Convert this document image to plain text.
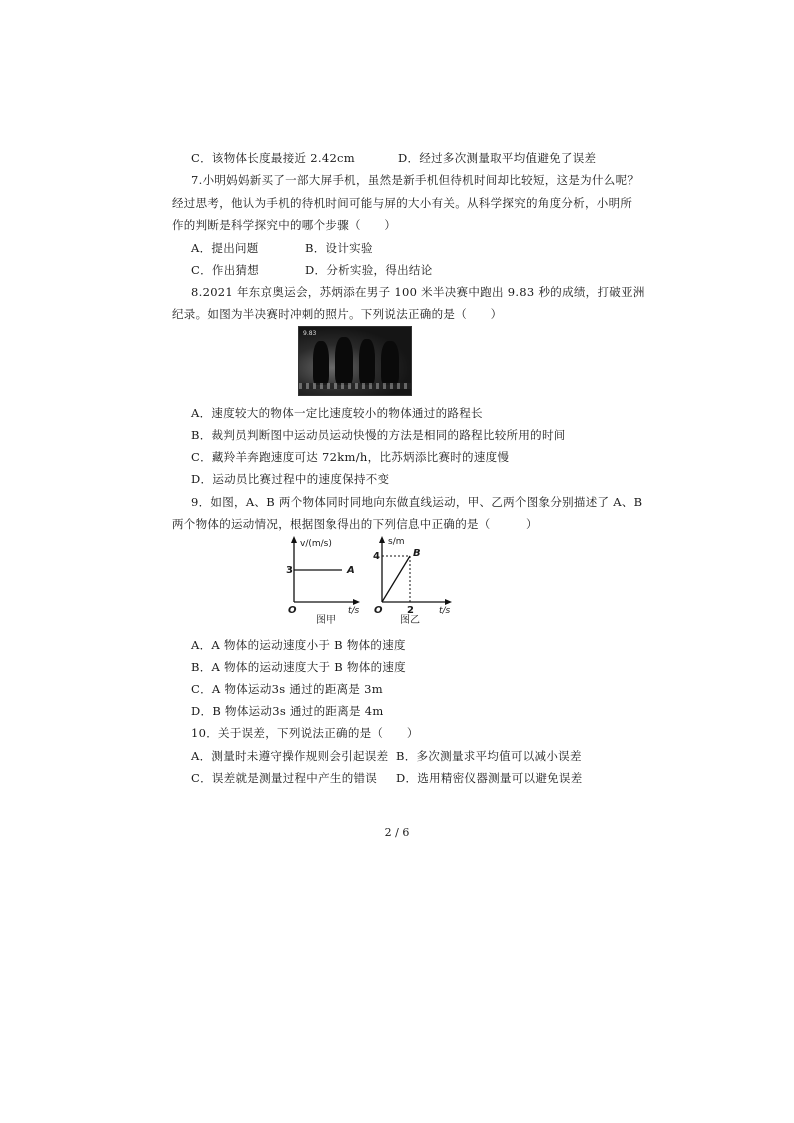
C．该物体长度最接近 2.42cm	D．经过多次测量取平均值避免了误差
7.小明妈妈新买了一部大屏手机，虽然是新手机但待机时间却比较短，这是为什么呢？
经过思考，他认为手机的待机时间可能与屏的大小有关。从科学探究的角度分析，小明所
作的判断是科学探究中的哪个步骤（　　）
A．提出问题	B．设计实验
C．作出猜想	D．分析实验，得出结论
8.2021 年东京奥运会，苏炳添在男子 100 米半决赛中跑出 9.83 秒的成绩，打破亚洲
纪录。如图为半决赛时冲刺的照片。下列说法正确的是（　　）
9.83
A．速度较大的物体一定比速度较小的物体通过的路程长
B．裁判员判断图中运动员运动快慢的方法是相同的路程比较所用的时间
C．藏羚羊奔跑速度可达 72km/h，比苏炳添比赛时的速度慢
D．运动员比赛过程中的速度保持不变
9．如图，A、B 两个物体同时同地向东做直线运动，甲、乙两个图象分别描述了 A、B
两个物体的运动情况，根据图象得出的下列信息中正确的是（　　　）
v/(m/s)
3	A
O	t/s
图甲
s/m
4	B
O 2	t/s
图乙
A．A 物体的运动速度小于 B 物体的速度
B．A 物体的运动速度大于 B 物体的速度
C．A 物体运动3s 通过的距离是 3m
D．B 物体运动3s 通过的距离是 4m
10．关于误差，下列说法正确的是（　　）
A．测量时未遵守操作规则会引起误差 B．多次测量求平均值可以减小误差
C．误差就是测量过程中产生的错误 D．选用精密仪器测量可以避免误差
2 / 6
